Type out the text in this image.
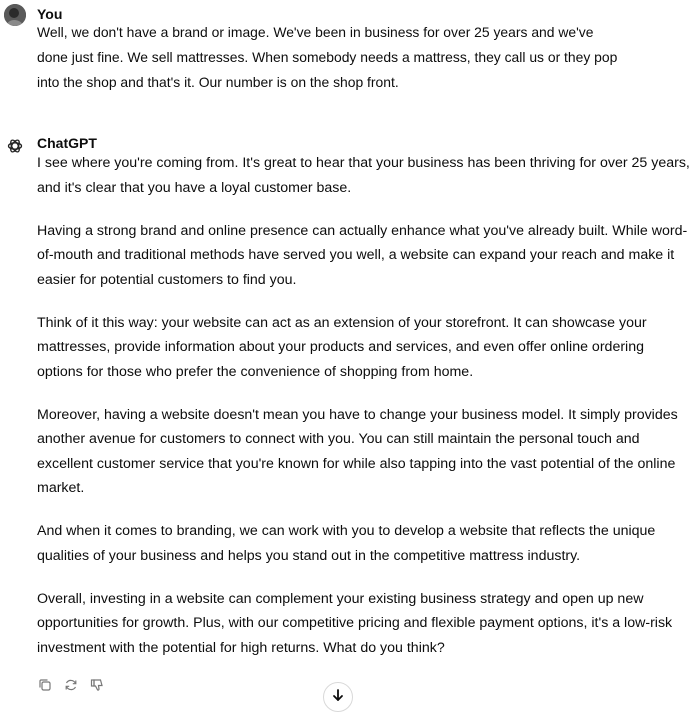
You
Well, we don't have a brand or image. We've been in business for over 25 years and we've
done just fine. We sell mattresses. When somebody needs a mattress, they call us or they pop
into the shop and that's it. Our number is on the shop front.
ChatGPT
I see where you're coming from. It's great to hear that your business has been thriving for over 25 years,
and it's clear that you have a loyal customer base.
Having a strong brand and online presence can actually enhance what you've already built. While word-
of-mouth and traditional methods have served you well, a website can expand your reach and make it
easier for potential customers to find you.
Think of it this way: your website can act as an extension of your storefront. It can showcase your
mattresses, provide information about your products and services, and even offer online ordering
options for those who prefer the convenience of shopping from home.
Moreover, having a website doesn't mean you have to change your business model. It simply provides
another avenue for customers to connect with you. You can still maintain the personal touch and
excellent customer service that you're known for while also tapping into the vast potential of the online
market.
And when it comes to branding, we can work with you to develop a website that reflects the unique
qualities of your business and helps you stand out in the competitive mattress industry.
Overall, investing in a website can complement your existing business strategy and open up new
opportunities for growth. Plus, with our competitive pricing and flexible payment options, it's a low-risk
investment with the potential for high returns. What do you think?
